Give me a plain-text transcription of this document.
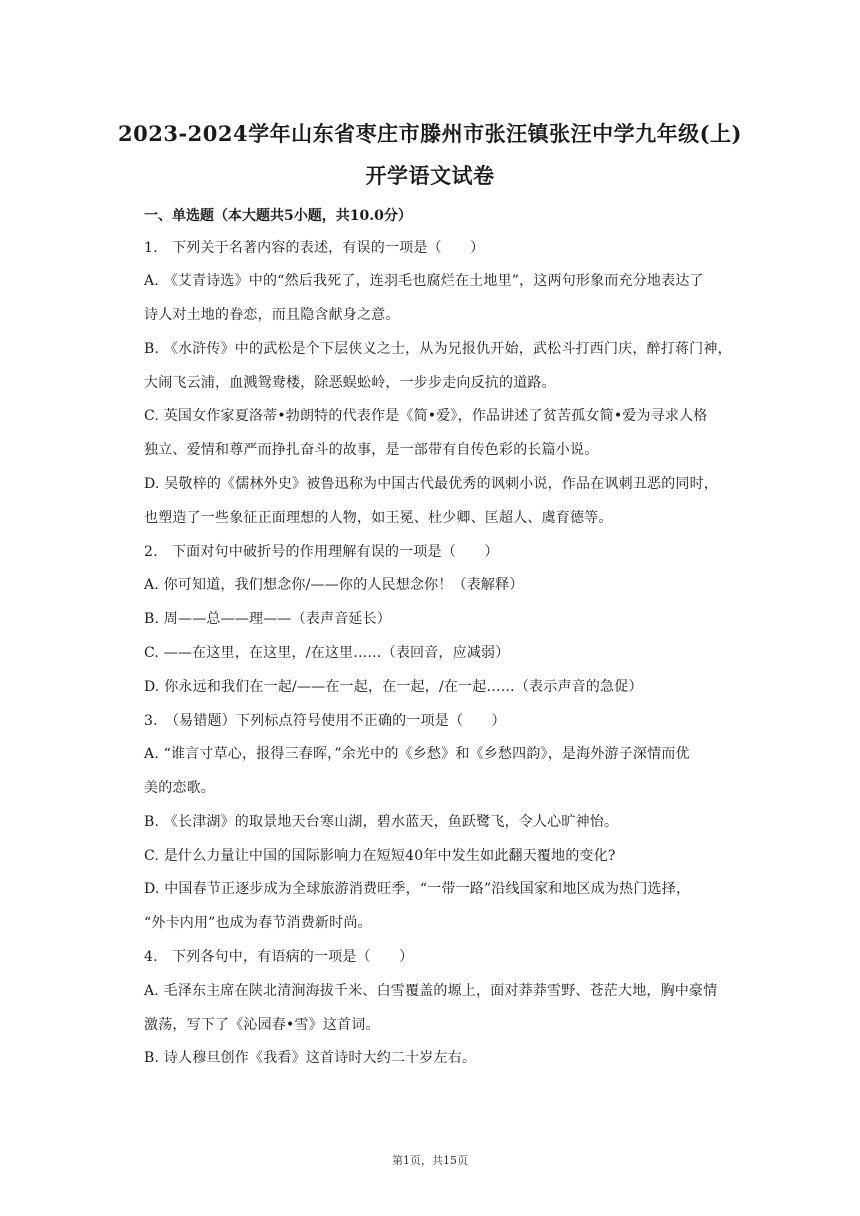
2023-2024学年山东省枣庄市滕州市张汪镇张汪中学九年级(上)
开学语文试卷
一、单选题（本大题共5小题，共10.0分）
1.　下列关于名著内容的表述，有误的一项是（　　）
A. 《艾青诗选》中的“然后我死了，连羽毛也腐烂在土地里”，这两句形象而充分地表达了
诗人对土地的眷恋，而且隐含献身之意。
B. 《水浒传》中的武松是个下层侠义之士，从为兄报仇开始，武松斗打西门庆，醉打蒋门神，
大闹飞云浦，血溅鸳鸯楼，除恶蜈蚣岭，一步步走向反抗的道路。
C. 英国女作家夏洛蒂•勃朗特的代表作是《简•爱》，作品讲述了贫苦孤女简•爱为寻求人格
独立、爱情和尊严而挣扎奋斗的故事，是一部带有自传色彩的长篇小说。
D. 吴敬梓的《儒林外史》被鲁迅称为中国古代最优秀的讽刺小说，作品在讽刺丑恶的同时，
也塑造了一些象征正面理想的人物，如王冕、杜少卿、匡超人、虞育德等。
2.　下面对句中破折号的作用理解有误的一项是（　　）
A. 你可知道，我们想念你/——你的人民想念你！（表解释）
B. 周——总——理——（表声音延长）
C. ——在这里，在这里，/在这里……（表回音，应减弱）
D. 你永远和我们在一起/——在一起，在一起，/在一起……（表示声音的急促）
3.　（易错题）下列标点符号使用不正确的一项是（　　）
A. “谁言寸草心，报得三春晖，”余光中的《乡愁》和《乡愁四韵》，是海外游子深情而优
美的恋歌。
B. 《长津湖》的取景地天台寒山湖，碧水蓝天，鱼跃鹭飞，令人心旷神怡。
C. 是什么力量让中国的国际影响力在短短40年中发生如此翻天覆地的变化?
D. 中国春节正逐步成为全球旅游消费旺季，“一带一路”沿线国家和地区成为热门选择，
“外卡内用”也成为春节消费新时尚。
4.　下列各句中，有语病的一项是（　　）
A. 毛泽东主席在陕北清涧海拔千米、白雪覆盖的塬上，面对莽莽雪野、苍茫大地，胸中豪情
激荡，写下了《沁园春•雪》这首词。
B. 诗人穆旦创作《我看》这首诗时大约二十岁左右。
第1页，共15页
